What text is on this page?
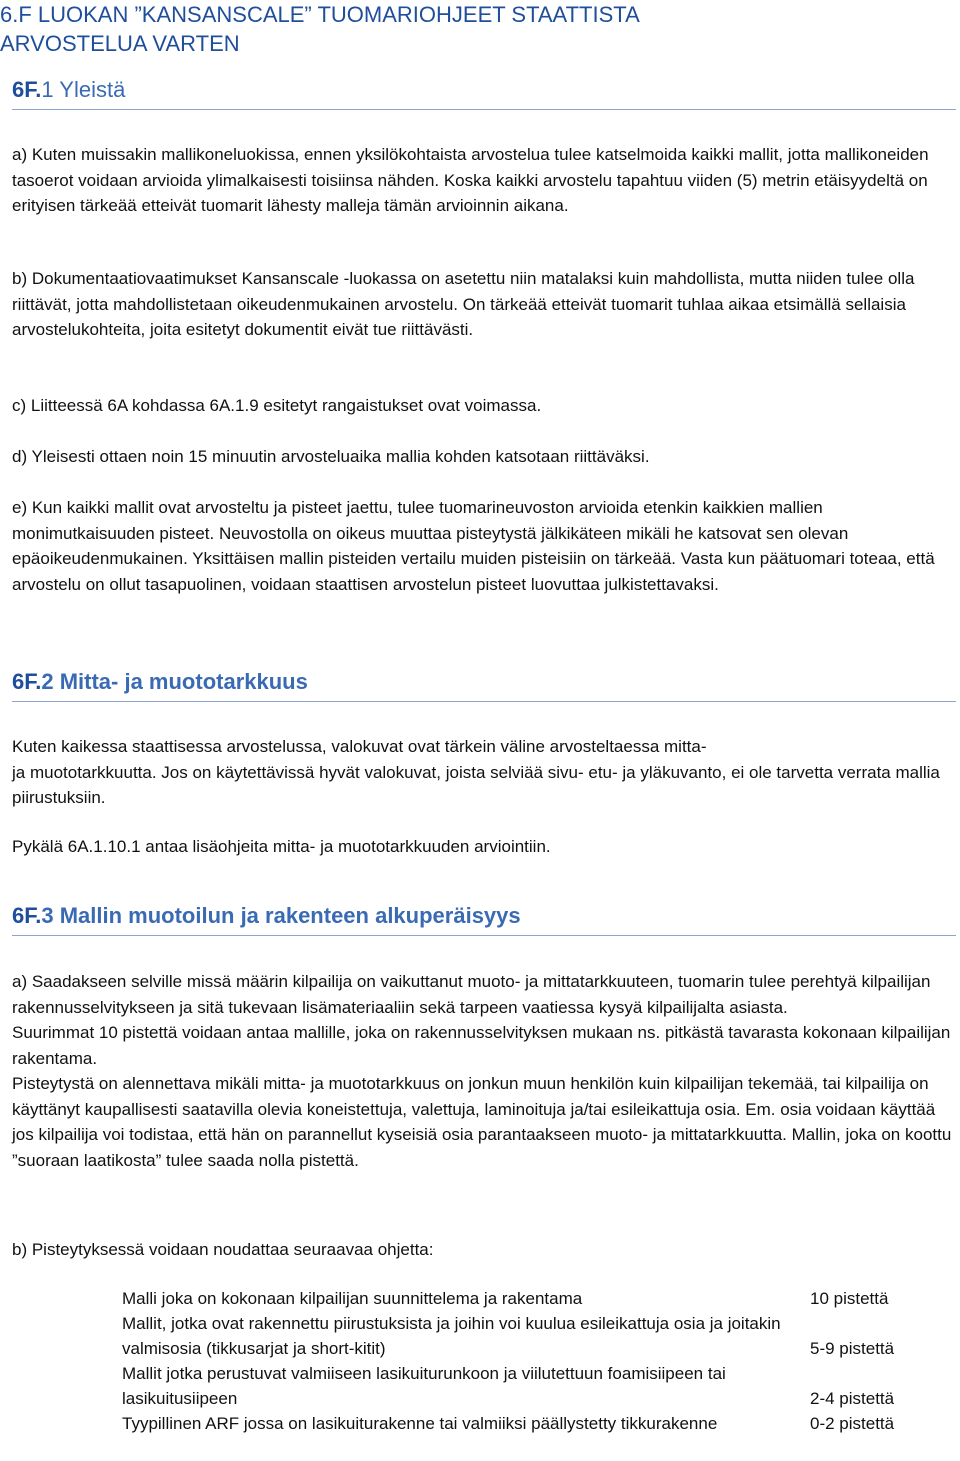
6.F LUOKAN ”KANSANSCALE” TUOMARIOHJEET STAATTISTA
ARVOSTELUA VARTEN
6F.1 Yleistä

a) Kuten muissakin mallikoneluokissa, ennen yksilökohtaista arvostelua tulee katselmoida kaikki mallit, jotta mallikoneiden tasoerot voidaan arvioida ylimalkaisesti toisiinsa nähden. Koska kaikki arvostelu tapahtuu viiden (5) metrin etäisyydeltä on erityisen tärkeää etteivät tuomarit lähesty malleja tämän arvioinnin aikana.

b) Dokumentaatiovaatimukset Kansanscale -luokassa on asetettu niin matalaksi kuin mahdollista, mutta niiden tulee olla riittävät, jotta mahdollistetaan oikeudenmukainen arvostelu. On tärkeää etteivät tuomarit tuhlaa aikaa etsimällä sellaisia arvostelukohteita, joita esitetyt dokumentit eivät tue riittävästi.

c) Liitteessä 6A kohdassa 6A.1.9 esitetyt rangaistukset ovat voimassa.

d) Yleisesti ottaen noin 15 minuutin arvosteluaika mallia kohden katsotaan riittäväksi.

e) Kun kaikki mallit ovat arvosteltu ja pisteet jaettu, tulee tuomarineuvoston arvioida etenkin kaikkien mallien monimutkaisuuden pisteet. Neuvostolla on oikeus muuttaa pisteytystä jälkikäteen mikäli he katsovat sen olevan epäoikeudenmukainen. Yksittäisen mallin pisteiden vertailu muiden pisteisiin on tärkeää. Vasta kun päätuomari toteaa, että arvostelu on ollut tasapuolinen, voidaan staattisen arvostelun pisteet luovuttaa julkistettavaksi.

6F.2 Mitta- ja muototarkkuus

Kuten kaikessa staattisessa arvostelussa, valokuvat ovat tärkein väline arvosteltaessa mitta-
ja muototarkkuutta. Jos on käytettävissä hyvät valokuvat, joista selviää sivu- etu- ja yläkuvanto, ei ole tarvetta verrata mallia piirustuksiin.

Pykälä 6A.1.10.1 antaa lisäohjeita mitta- ja muototarkkuuden arviointiin.

6F.3 Mallin muotoilun ja rakenteen alkuperäisyys

a) Saadakseen selville missä määrin kilpailija on vaikuttanut muoto- ja mittatarkkuuteen, tuomarin tulee perehtyä kilpailijan rakennusselvitykseen ja sitä tukevaan lisämateriaaliin sekä tarpeen vaatiessa kysyä kilpailijalta asiasta.
Suurimmat 10 pistettä voidaan antaa mallille, joka on rakennusselvityksen mukaan ns. pitkästä tavarasta kokonaan kilpailijan rakentama.
Pisteytystä on alennettava mikäli mitta- ja muototarkkuus on jonkun muun henkilön kuin kilpailijan tekemää, tai kilpailija on käyttänyt kaupallisesti saatavilla olevia koneistettuja, valettuja, laminoituja ja/tai esileikattuja osia. Em. osia voidaan käyttää jos kilpailija voi todistaa, että hän on parannellut kyseisiä osia parantaakseen muoto- ja mittatarkkuutta. Mallin, joka on koottu ”suoraan laatikosta” tulee saada nolla pistettä.

b) Pisteytyksessä voidaan noudattaa seuraavaa ohjetta:

Malli joka on kokonaan kilpailijan suunnittelema ja rakentama	10 pistettä
Mallit, jotka ovat rakennettu piirustuksista ja joihin voi kuulua esileikattuja osia ja joitakin valmisosia (tikkusarjat ja short-kitit)	5-9 pistettä
Mallit jotka perustuvat valmiiseen lasikuiturunkoon ja viilutettuun foamisiipeen tai lasikuitusiipeen	2-4 pistettä
Tyypillinen ARF jossa on lasikuiturakenne tai valmiiksi päällystetty tikkurakenne	0-2 pistettä
